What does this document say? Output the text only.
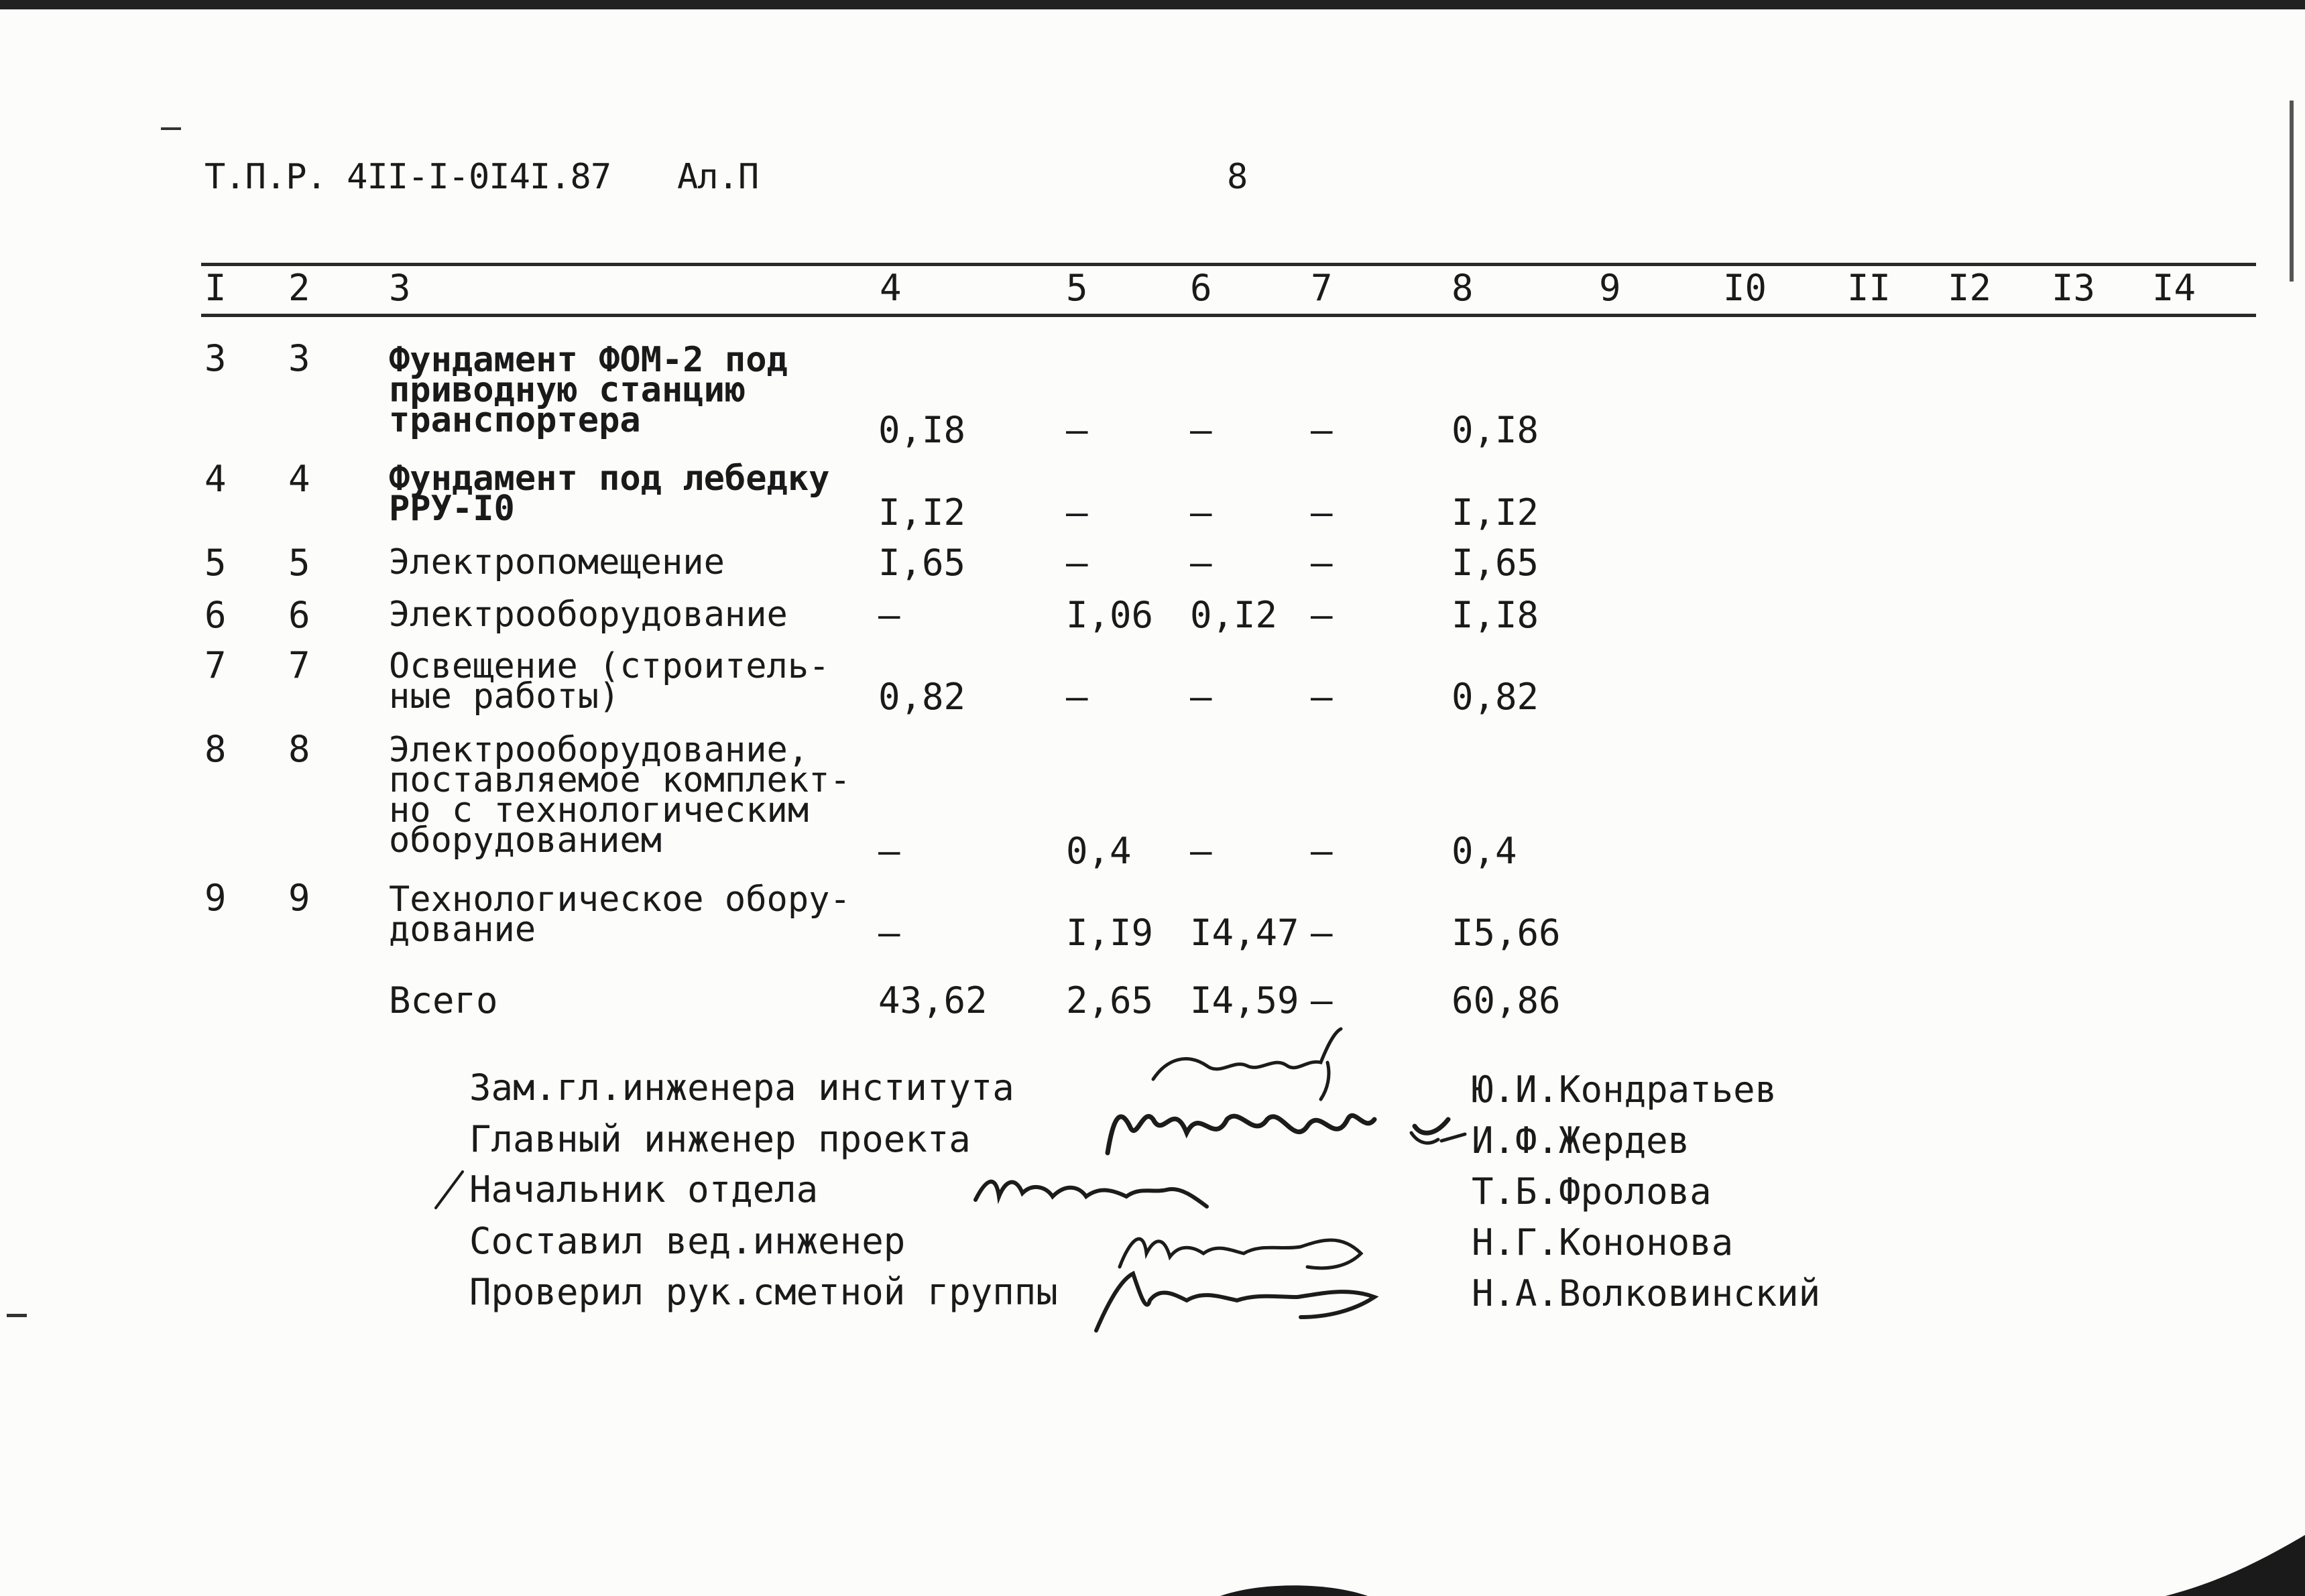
Т.П.Р. 4II-I-0I4I.87 Ал.П	8
I 2 3	4	5	6	7	8	9	I0 II I2 I3 I4
3 3 Фундамент ФОМ-2 под
приводную станцию
транспортера	0,I8	–	–	–	0,I8
4 4 Фундамент под лебедку
РРУ-I0	I,I2	–	–	–	I,I2
5 5 Электропомещение	I,65	–	–	–	I,65
6 6 Электрооборудование	–	I,06 0,I2 –	I,I8
7 7 Освещение (строитель-
ные работы)	0,82	–	–	–	0,82
8 8 Электрооборудование,
поставляемое комплект-
но с технологическим
оборудованием	–	0,4 –	–	0,4
9 9 Технологическое обору-
дование	–	I,I9 I4,47 –	I5,66
Всего	43,62 2,65 I4,59 –	60,86
Зам.гл.инженера института
Главный инженер проекта
Начальник отдела
Составил вед.инженер
Проверил рук.сметной группы
Ю.И.Кондратьев
И.Ф.Жердев
Т.Б.Фролова
Н.Г.Кононова
Н.А.Волковинский
